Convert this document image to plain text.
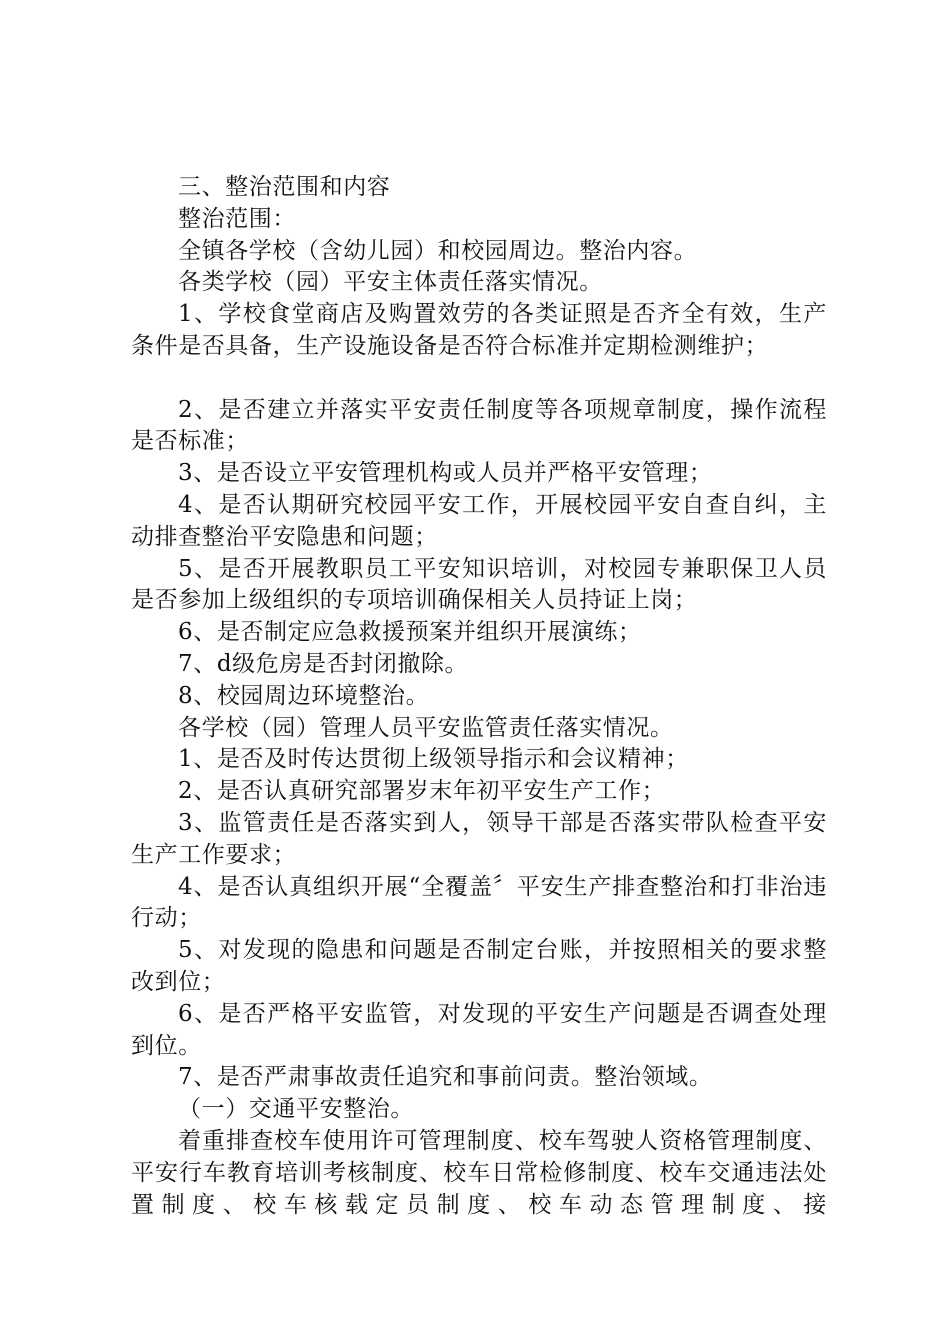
三、整治范围和内容

整治范围：

全镇各学校（含幼儿园）和校园周边。整治内容。

各类学校（园）平安主体责任落实情况。

1、学校食堂商店及购置效劳的各类证照是否齐全有效，生产条件是否具备，生产设施设备是否符合标准并定期检测维护；

2、是否建立并落实平安责任制度等各项规章制度，操作流程是否标准；

3、是否设立平安管理机构或人员并严格平安管理；

4、是否认期研究校园平安工作，开展校园平安自查自纠，主动排查整治平安隐患和问题；

5、是否开展教职员工平安知识培训，对校园专兼职保卫人员是否参加上级组织的专项培训确保相关人员持证上岗；

6、是否制定应急救援预案并组织开展演练；

7、d级危房是否封闭撤除。

8、校园周边环境整治。

各学校（园）管理人员平安监管责任落实情况。

1、是否及时传达贯彻上级领导指示和会议精神；

2、是否认真研究部署岁末年初平安生产工作；

3、监管责任是否落实到人，领导干部是否落实带队检查平安生产工作要求；

4、是否认真组织开展“全覆盖〞平安生产排查整治和打非治违行动；

5、对发现的隐患和问题是否制定台账，并按照相关的要求整改到位；

6、是否严格平安监管，对发现的平安生产问题是否调查处理到位。

7、是否严肃事故责任追究和事前问责。整治领域。

（一）交通平安整治。

着重排查校车使用许可管理制度、校车驾驶人资格管理制度、平安行车教育培训考核制度、校车日常检修制度、校车交通违法处置制度、校车核载定员制度、校车动态管理制度、接
